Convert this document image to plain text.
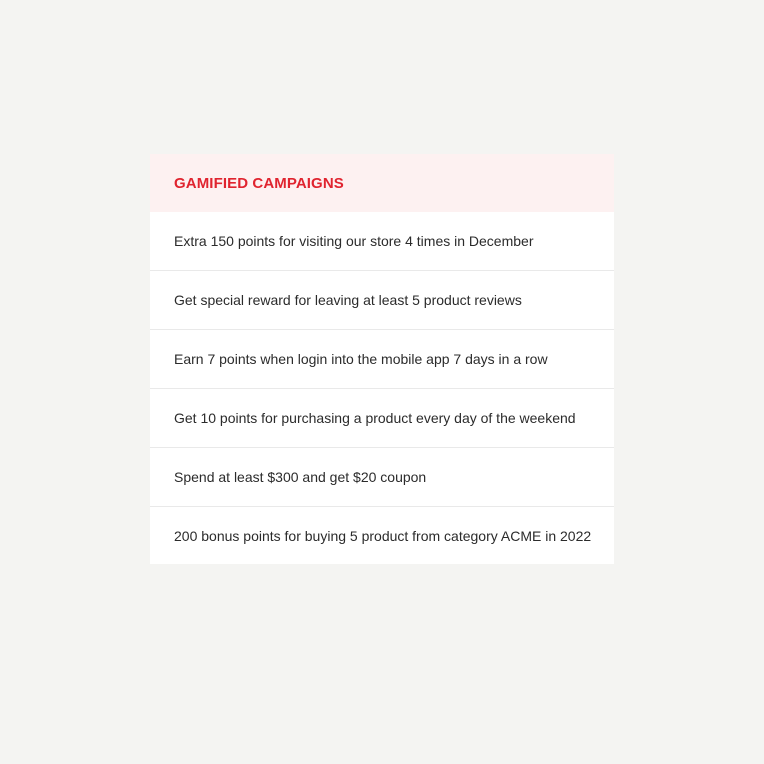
GAMIFIED CAMPAIGNS
Extra 150 points for visiting our store 4 times in December
Get special reward for leaving at least 5 product reviews
Earn 7 points when login into the mobile app 7 days in a row
Get 10 points for purchasing a product every day of the weekend
Spend at least $300 and get $20 coupon
200 bonus points for buying 5 product from category ACME in 2022
